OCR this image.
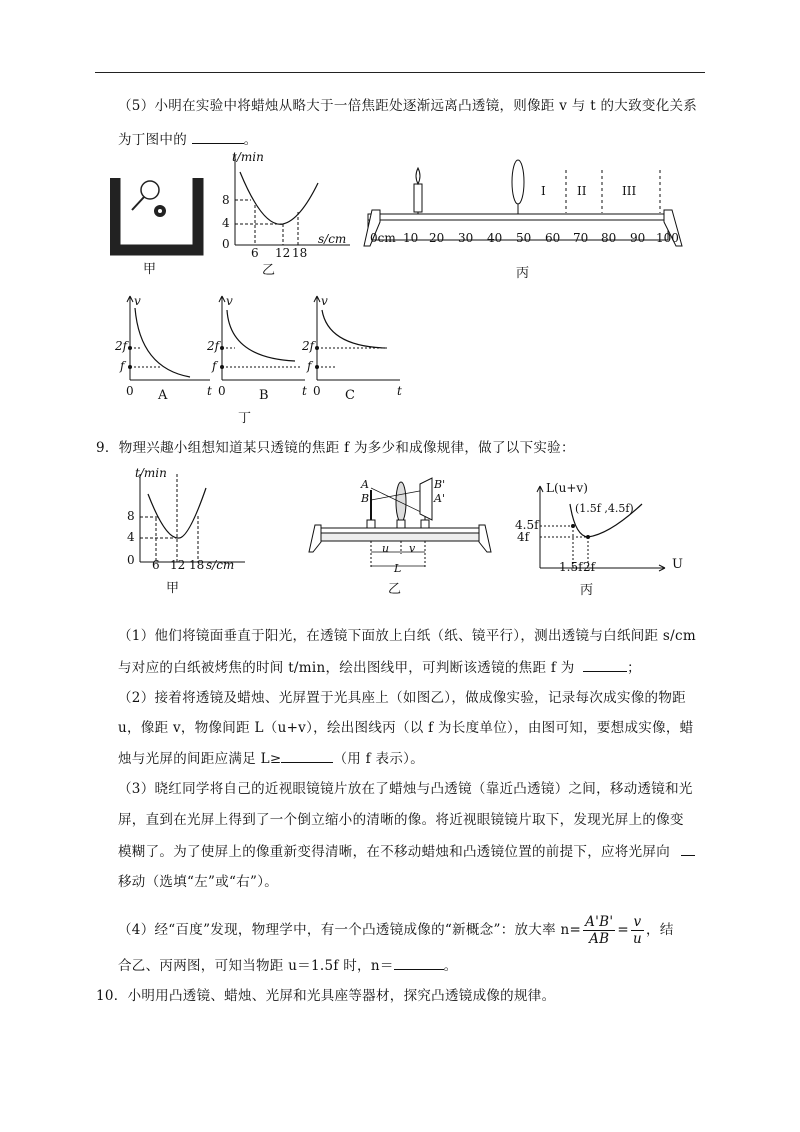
（5）小明在实验中将蜡烛从略大于一倍焦距处逐渐远离凸透镜，则像距 v 与 t 的大致变化关系
为丁图中的	。
甲
t/min
s/cm
8
4
0
6 12 18
乙
I	II	III
0cm 10 20 30 40 50 60 70 80 90 100
丙
v
2f
f
0 A	t
v
2f
f
0	B	t
v
2f
f
0 C	t
丁
9．物理兴趣小组想知道某只透镜的焦距 f 为多少和成像规律，做了以下实验：
t/min
s/cm
8
4
0 6 12 18
甲
A
B
B'
A'
u v
L
乙
L(u+v)
(1.5f ,4.5f)
4.5f
4f
1.5f 2f	U
丙
（1）他们将镜面垂直于阳光，在透镜下面放上白纸（纸、镜平行），测出透镜与白纸间距 s/cm
与对应的白纸被烤焦的时间 t/min，绘出图线甲，可判断该透镜的焦距 f 为	；
（2）接着将透镜及蜡烛、光屏置于光具座上（如图乙），做成像实验，记录每次成实像的物距
u，像距 v，物像间距 L（u+v），绘出图线丙（以 f 为长度单位），由图可知，要想成实像，蜡
烛与光屏的间距应满足 L≥	（用 f 表示）。
（3）晓红同学将自己的近视眼镜镜片放在了蜡烛与凸透镜（靠近凸透镜）之间，移动透镜和光
屏，直到在光屏上得到了一个倒立缩小的清晰的像。将近视眼镜镜片取下，发现光屏上的像变
模糊了。为了使屏上的像重新变得清晰，在不移动蜡烛和凸透镜位置的前提下，应将光屏向
移动（选填“左”或“右”）。
（4）经“百度”发现，物理学中，有一个凸透镜成像的“新概念”：放大率 $n= \frac{A'B'}{AB} = \frac{v}{u}$ ，结
合乙、丙两图，可知当物距 u＝1.5f 时，n＝	。
10．小明用凸透镜、蜡烛、光屏和光具座等器材，探究凸透镜成像的规律。
